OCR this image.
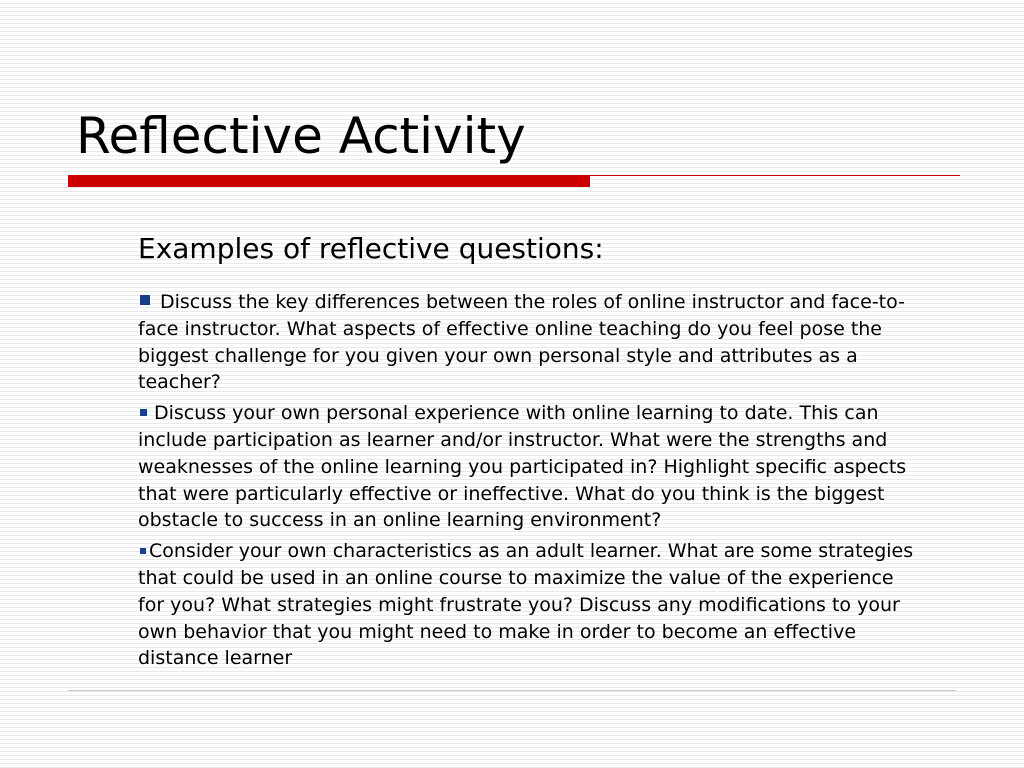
Reflective Activity
Examples of reflective questions:
Discuss the key differences between the roles of online instructor and face-to-face instructor. What aspects of effective online teaching do you feel pose the biggest challenge for you given your own personal style and attributes as a teacher?
Discuss your own personal experience with online learning to date. This can include participation as learner and/or instructor. What were the strengths and weaknesses of the online learning you participated in? Highlight specific aspects that were particularly effective or ineffective. What do you think is the biggest obstacle to success in an online learning environment?
Consider your own characteristics as an adult learner. What are some strategies that could be used in an online course to maximize the value of the experience for you? What strategies might frustrate you? Discuss any modifications to your own behavior that you might need to make in order to become an effective distance learner
